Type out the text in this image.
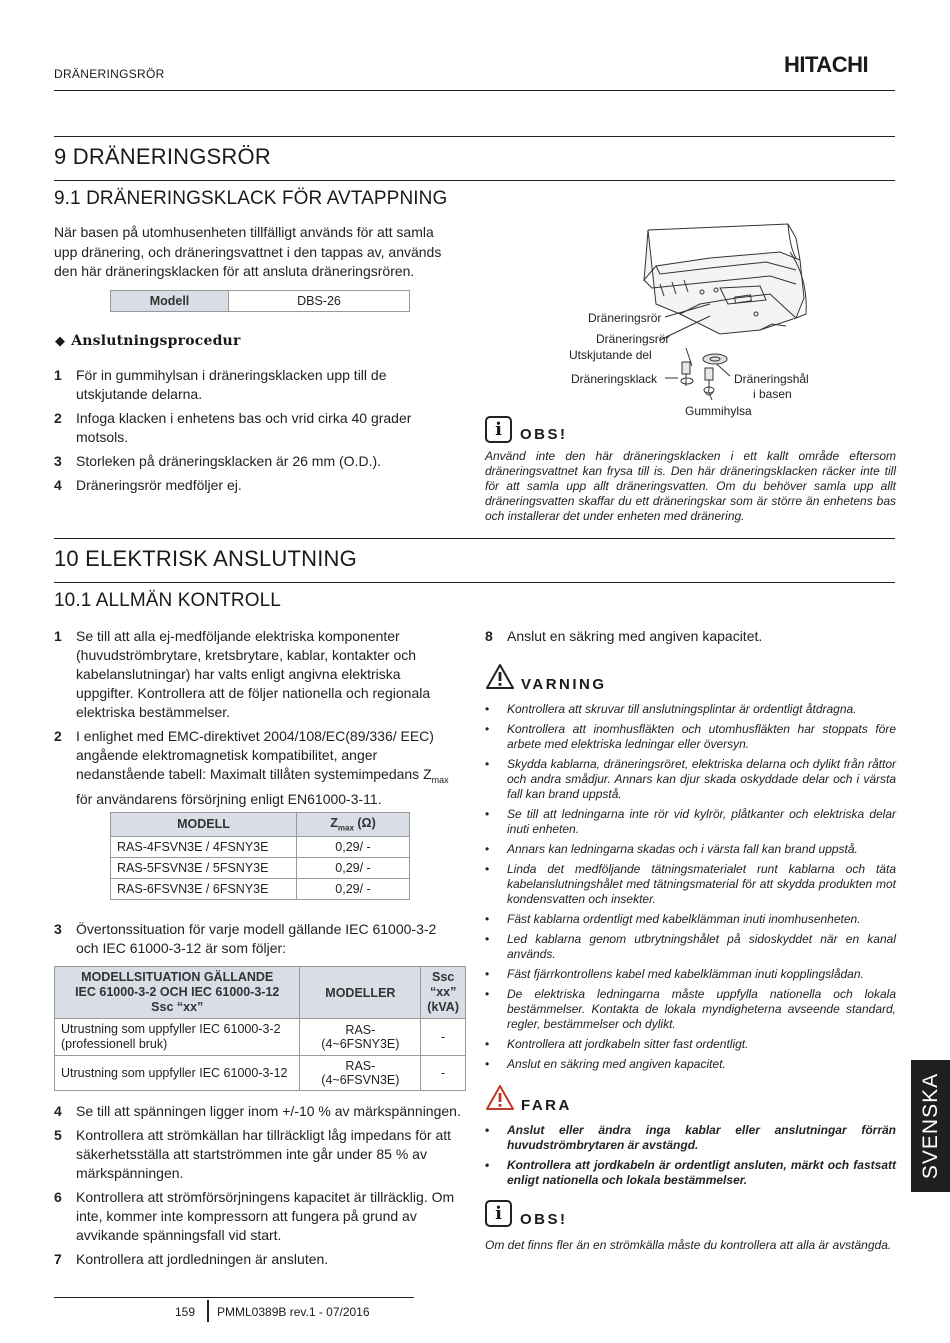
DRÄNERINGSRÖR	HITACHI
9 DRÄNERINGSRÖR
9.1 DRÄNERINGSKLACK FÖR AVTAPPNING
När basen på utomhusenheten tillfälligt används för att samla upp dränering, och dräneringsvattnet i den tappas av, används den här dräneringsklacken för att ansluta dräneringsrören.
Modell	DBS-26
◆ Anslutningsprocedur
1 För in gummihylsan i dräneringsklacken upp till de utskjutande delarna.
2 Infoga klacken i enhetens bas och vrid cirka 40 grader motsols.
3 Storleken på dräneringsklacken är 26 mm (O.D.).
4 Dräneringsrör medföljer ej.
Dräneringsrör
Dräneringsrör
Utskjutande del
Dräneringsklack	Dräneringshål
i basen
Gummihylsa
i	OBS!
Använd inte den här dräneringsklacken i ett kallt område eftersom dräneringsvattnet kan frysa till is. Den här dräneringsklacken räcker inte till för att samla upp allt dräneringsvatten. Om du behöver samla upp allt dräneringsvatten skaffar du ett dräneringskar som är större än enhetens bas och installerar det under enheten med dränering.
10 ELEKTRISK ANSLUTNING
10.1 ALLMÄN KONTROLL
1 Se till att alla ej-medföljande elektriska komponenter (huvudströmbrytare, kretsbrytare, kablar, kontakter och kabelanslutningar) har valts enligt angivna elektriska uppgifter. Kontrollera att de följer nationella och regionala elektriska bestämmelser.
2 I enlighet med EMC-direktivet 2004/108/EC(89/336/ EEC) angående elektromagnetisk kompatibilitet, anger nedanstående tabell: Maximalt tillåten systemimpedans $Z_{max}$ för användarens försörjning enligt EN61000-3-11.
MODELL	$Z_{max}$ (Ω)
RAS-4FSVN3E / 4FSNY3E	0,29/ -
RAS-5FSVN3E / 5FSNY3E	0,29/ -
RAS-6FSVN3E / 6FSNY3E	0,29/ -
3 Övertonssituation för varje modell gällande IEC 61000-3-2 och IEC 61000-3-12 är som följer:
MODELLSITUATION GÄLLANDE
IEC 61000-3-2 OCH IEC 61000-3-12
Ssc “xx”	MODELLER	Ssc
“xx”
(kVA)
Utrustning som uppfyller IEC 61000-3-2
(professionell bruk)	RAS-(4~6FSNY3E)	-
Utrustning som uppfyller IEC 61000-3-12	RAS-(4~6FSVN3E)	-
4 Se till att spänningen ligger inom +/-10 % av märkspänningen.
5 Kontrollera att strömkällan har tillräckligt låg impedans för att säkerhetsställa att startströmmen inte går under 85 % av märkspänningen.
6 Kontrollera att strömförsörjningens kapacitet är tillräcklig. Om inte, kommer inte kompressorn att fungera på grund av avvikande spänningsfall vid start.
7 Kontrollera att jordledningen är ansluten.
8 Anslut en säkring med angiven kapacitet.
VARNING
• Kontrollera att skruvar till anslutningsplintar är ordentligt åtdragna.
• Kontrollera att inomhusfläkten och utomhusfläkten har stoppats före arbete med elektriska ledningar eller översyn.
• Skydda kablarna, dräneringsröret, elektriska delarna och dylikt från råttor och andra smådjur. Annars kan djur skada oskyddade delar och i värsta fall kan brand uppstå.
• Se till att ledningarna inte rör vid kylrör, plåtkanter och elektriska delar inuti enheten.
• Annars kan ledningarna skadas och i värsta fall kan brand uppstå.
• Linda det medföljande tätningsmaterialet runt kablarna och täta kabelanslutningshålet med tätningsmaterial för att skydda produkten mot kondensvatten och insekter.
• Fäst kablarna ordentligt med kabelklämman inuti inomhusenheten.
• Led kablarna genom utbrytningshålet på sidoskyddet när en kanal används.
• Fäst fjärrkontrollens kabel med kabelklämman inuti kopplingslådan.
• De elektriska ledningarna måste uppfylla nationella och lokala bestämmelser. Kontakta de lokala myndigheterna avseende standard, regler, bestämmelser och dylikt.
• Kontrollera att jordkabeln sitter fast ordentligt.
• Anslut en säkring med angiven kapacitet.
FARA
• Anslut eller ändra inga kablar eller anslutningar förrän huvudströmbrytaren är avstängd.
• Kontrollera att jordkabeln är ordentligt ansluten, märkt och fastsatt enligt nationella och lokala bestämmelser.
i	OBS!
Om det finns fler än en strömkälla måste du kontrollera att alla är avstängda.
SVENSKA
159 PMML0389B rev.1 - 07/2016
